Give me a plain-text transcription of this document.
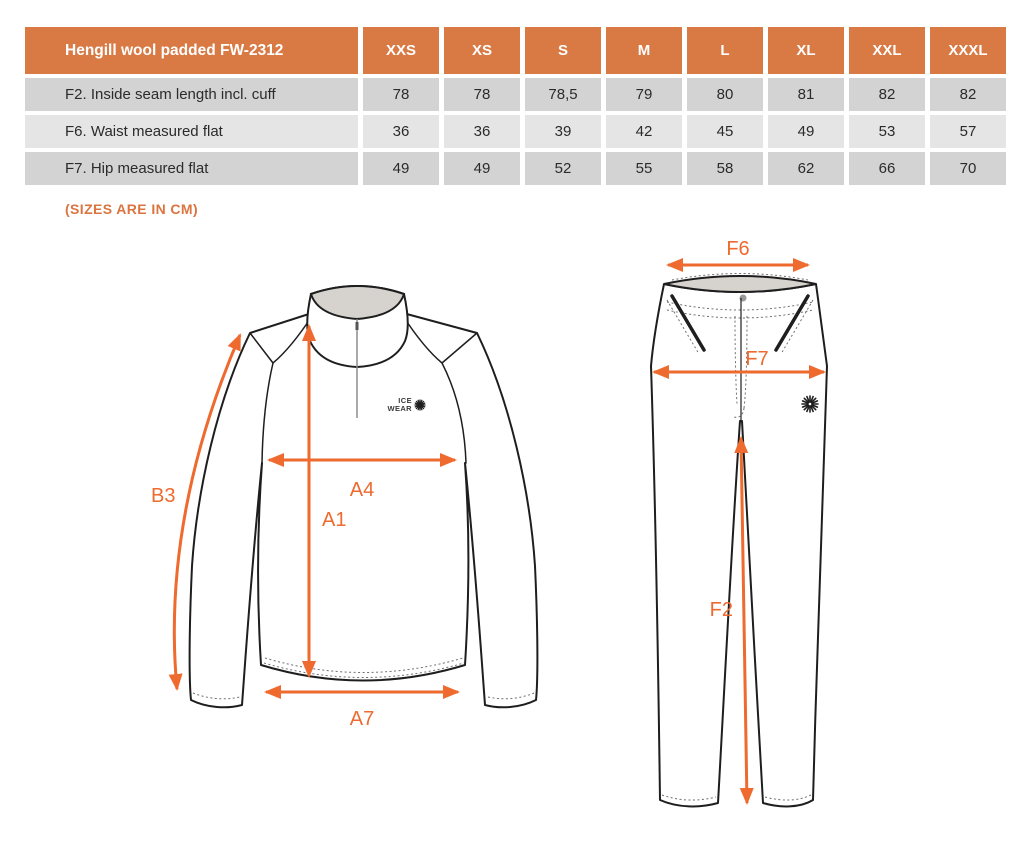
Hengill wool padded FW-2312	XXS	XS	S	M	L	XL	XXL	XXXL
F2. Inside seam length incl. cuff	78	78	78,5	79	80	81	82	82
F6. Waist measured flat	36	36	39	42	45	49	53	57
F7. Hip measured flat	49	49	52	55	58	62	66	70
(SIZES ARE IN CM)
ICE
WEAR
B3	A4
A1
A7
F6
F7
F2
